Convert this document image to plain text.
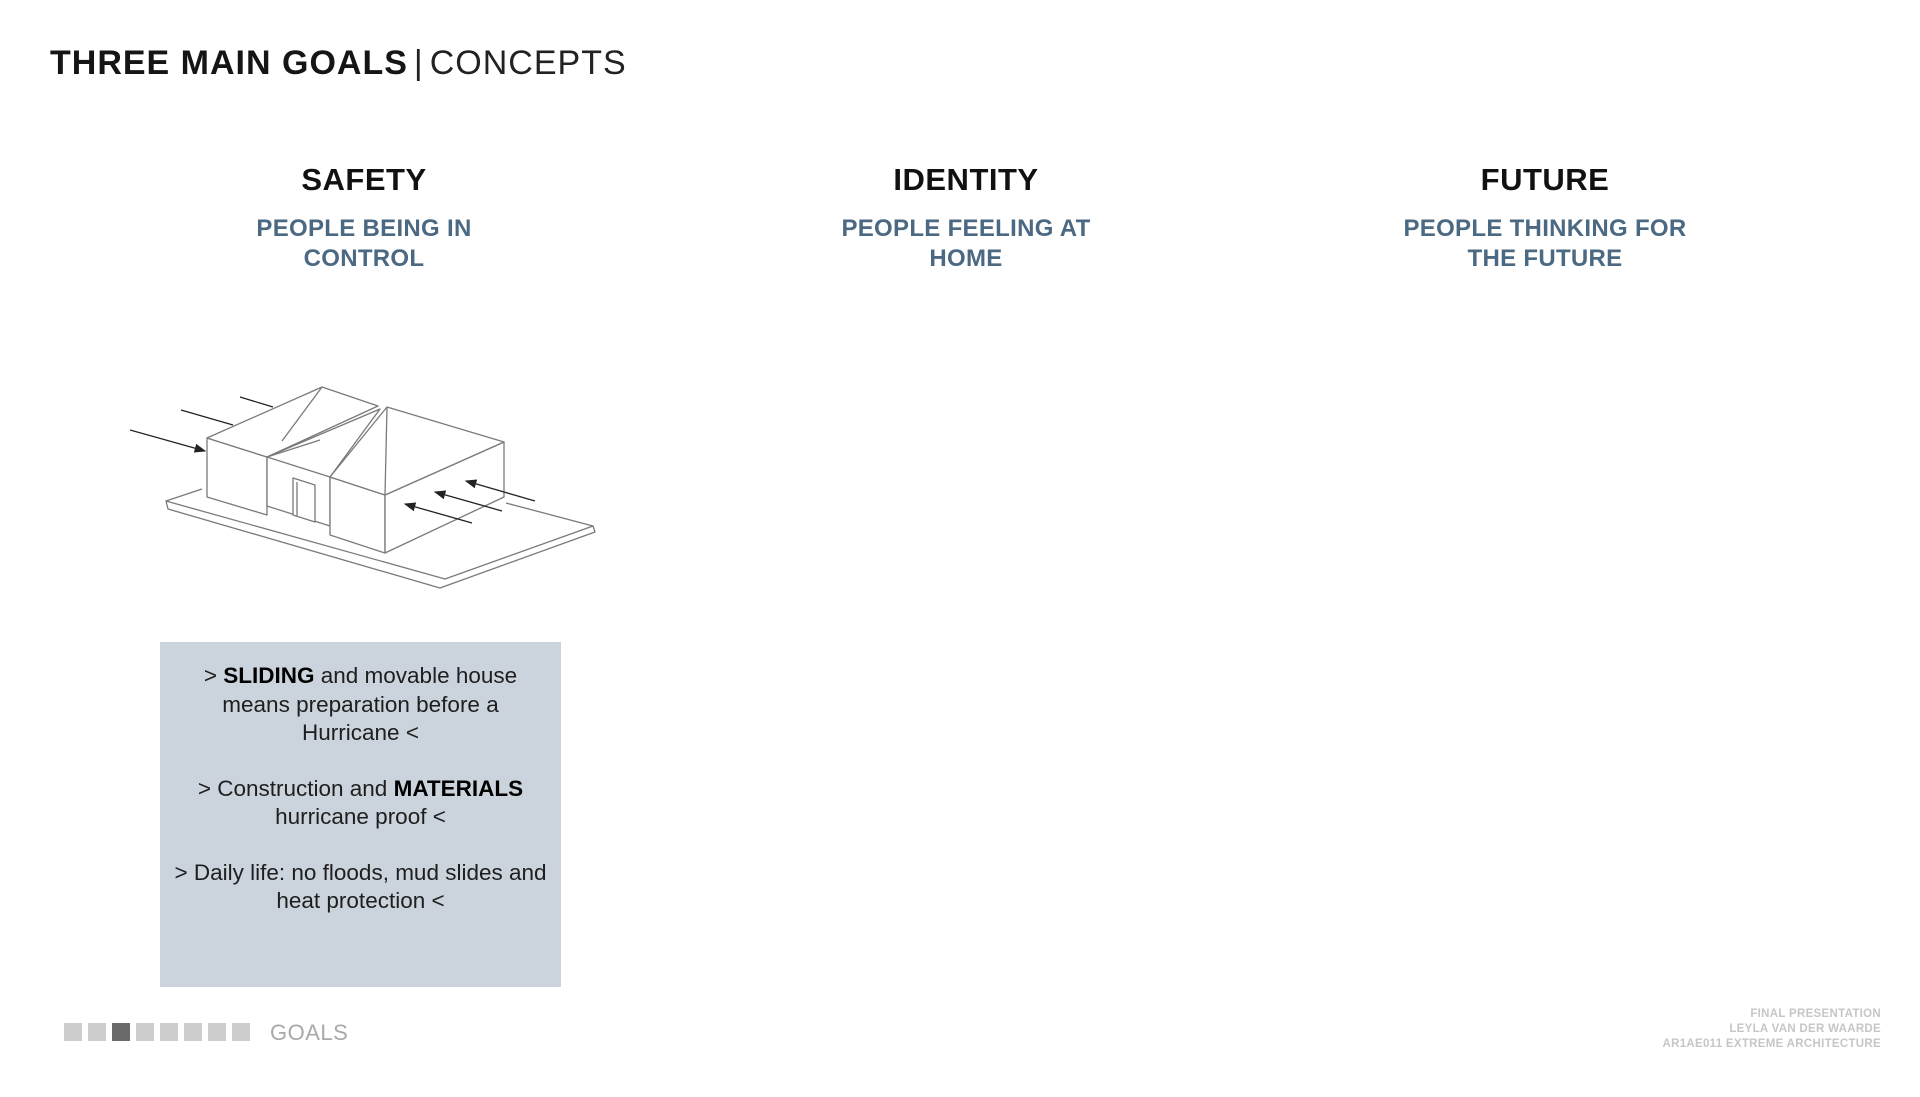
THREE MAIN GOALS | CONCEPTS
SAFETY
PEOPLE BEING IN
CONTROL
IDENTITY
PEOPLE FEELING AT
HOME
FUTURE
PEOPLE THINKING FOR
THE FUTURE

> SLIDING and movable house means preparation before a Hurricane <

> Construction and MATERIALS hurricane proof <

> Daily life: no floods, mud slides and heat protection <

GOALS
FINAL PRESENTATION
LEYLA VAN DER WAARDE
AR1AE011 EXTREME ARCHITECTURE
